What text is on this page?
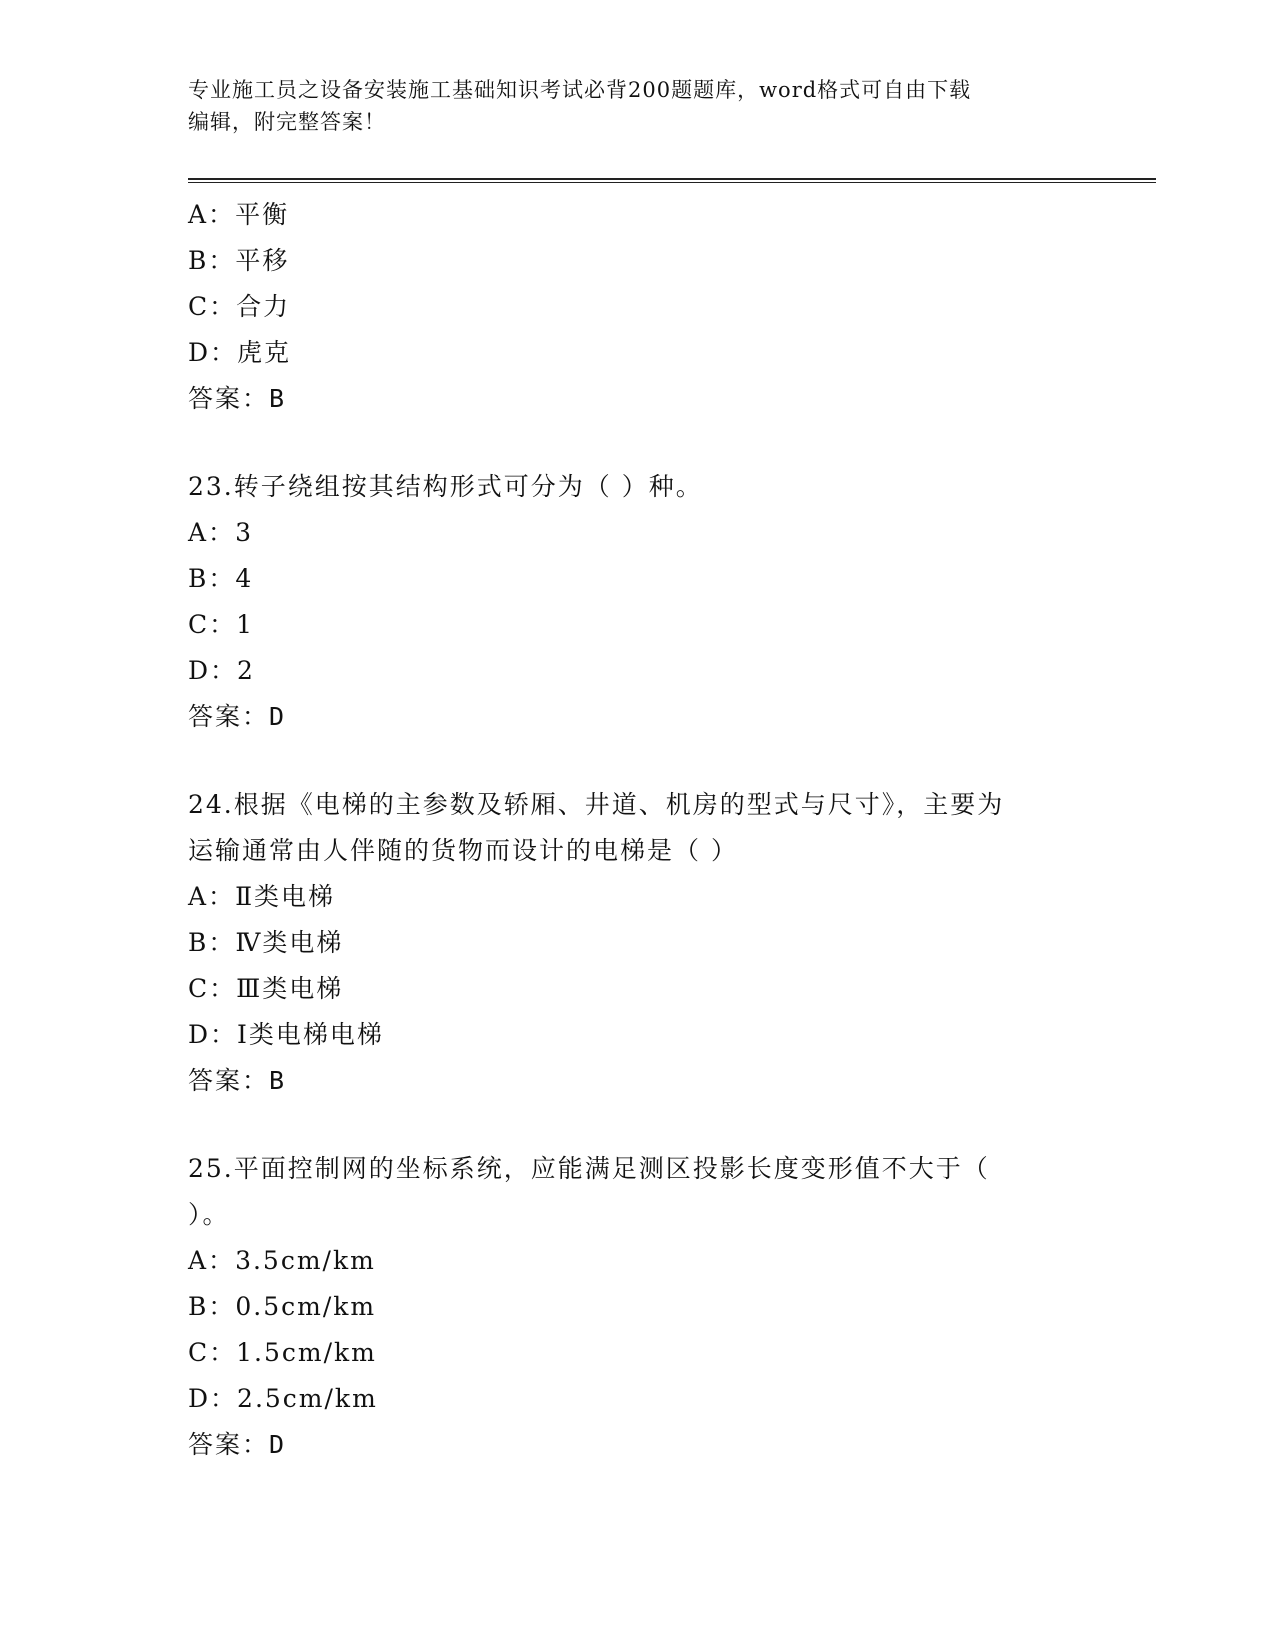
专业施工员之设备安装施工基础知识考试必背200题题库，word格式可自由下载
编辑，附完整答案！
A：平衡
B：平移
C：合力
D：虎克
答案：B
23.转子绕组按其结构形式可分为（ ）种。
A：3
B：4
C：1
D：2
答案：D
24.根据《电梯的主参数及轿厢、井道、机房的型式与尺寸》，主要为
运输通常由人伴随的货物而设计的电梯是（ ）
A：Ⅱ类电梯
B：Ⅳ类电梯
C：Ⅲ类电梯
D：Ⅰ类电梯电梯
答案：B
25.平面控制网的坐标系统，应能满足测区投影长度变形值不大于（
）。
A：3.5cm/km
B：0.5cm/km
C：1.5cm/km
D：2.5cm/km
答案：D
